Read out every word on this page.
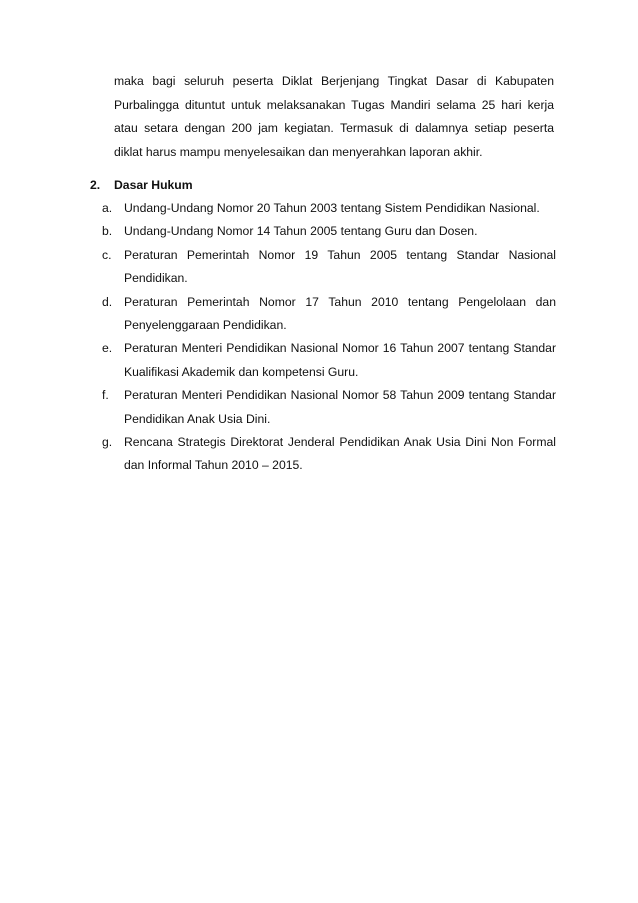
maka bagi seluruh peserta Diklat Berjenjang Tingkat Dasar di Kabupaten Purbalingga dituntut untuk melaksanakan Tugas Mandiri selama 25 hari kerja atau setara dengan 200 jam kegiatan. Termasuk di dalamnya setiap peserta diklat harus mampu menyelesaikan dan menyerahkan laporan akhir.

2.	Dasar Hukum
a. Undang-Undang Nomor 20 Tahun 2003 tentang Sistem Pendidikan Nasional.
b. Undang-Undang Nomor 14 Tahun 2005 tentang Guru dan Dosen.
c.	Peraturan Pemerintah Nomor 19 Tahun 2005 tentang Standar Nasional Pendidikan.
d. Peraturan Pemerintah Nomor 17 Tahun 2010 tentang Pengelolaan dan Penyelenggaraan Pendidikan.
e. Peraturan Menteri Pendidikan Nasional Nomor 16 Tahun 2007 tentang Standar Kualifikasi Akademik dan kompetensi Guru.
f.	Peraturan Menteri Pendidikan Nasional Nomor 58 Tahun 2009 tentang Standar Pendidikan Anak Usia Dini.
g. Rencana Strategis Direktorat Jenderal Pendidikan Anak Usia Dini Non Formal dan Informal Tahun 2010 – 2015.
